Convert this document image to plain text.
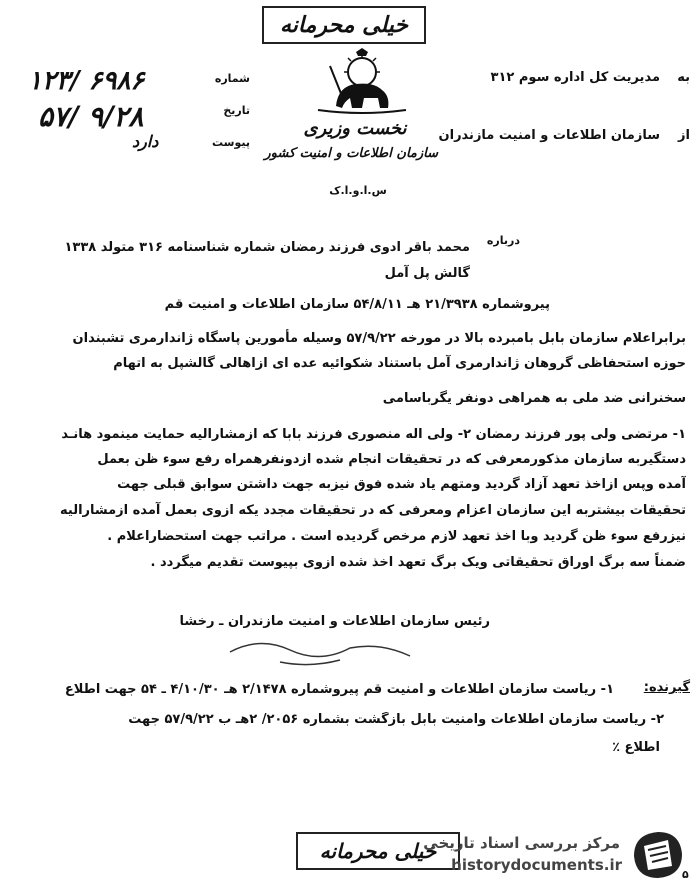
خیلی محرمانه
نخست وزیری
سازمان اطلاعات و امنیت کشور
س.ا.و.ا.ک
۱۲۳/ ۶۹۸۶	شماره
۵۷/ ۹/۲۸	تاریخ
دارد	پیوست
به
مدیریت کل اداره سوم ۳۱۲
از
سازمان اطلاعات و امنیت مازندران
درباره
محمد باقر ادوی فرزند رمضان شماره شناسنامه ۳۱۶ متولد ۱۳۳۸
گالش پل آمل
پیروشماره ۲۱/۳۹۳۸ هـ ۵۴/۸/۱۱ سازمان اطلاعات و امنیت قم
برابراعلام سازمان بابل بامبرده بالا در مورخه ۵۷/۹/۲۲ وسیله مأمورین پاسگاه ژاندارمری تشبندان
حوزه استحفاظی گروهان ژاندارمری آمل باستناد شکوائیه عده ای ازاهالی گالشپل به اتهام
سخنرانی ضد ملی به همراهی دونفر یگرباسامی
۱- مرتضی ولی پور فرزند رمضان ۲- ولی اله منصوری فرزند بابا که ازمشارالیه حمایت مینمود هانـد
دستگیربه سازمان مذکورمعرفی که در تحقیقات انجام شده ازدونفرهمراه رفع سوء ظن بعمل
آمده وپس ازاخذ تعهد آزاد گردید ومتهم یاد شده فوق نیزبه جهت داشتن سوابق قبلی جهت
تحقیقات بیشتربه این سازمان اعزام ومعرفی که در تحقیقات مجدد یکه ازوی بعمل آمده ازمشارالیه
نیزرفع سوء ظن گردید وبا اخذ تعهد لازم مرخص گردیده است . مراتب جهت استحضاراعلام .
ضمناً سه برگ اوراق تحقیقاتی ویک برگ تعهد اخذ شده ازوی بپیوست تقدیم میگردد .
رئیس سازمان اطلاعات و امنیت مازندران ـ رخشا
گیرنده:
۱- ریاست سازمان اطلاعات و امنیت قم پیروشماره ۲/۱۴۷۸ هـ ۴/۱۰/۳۰ ـ ۵۴ جهت اطلاع
۲- ریاست سازمان اطلاعات وامنیت بابل بازگشت بشماره ۲۰۵۶/ ۲هـ ب ۵۷/۹/۲۲ جهت
اطلاع ٪
خیلی محرمانه
مرکز بررسی اسناد تاریخی
historydocuments.ir
۵
